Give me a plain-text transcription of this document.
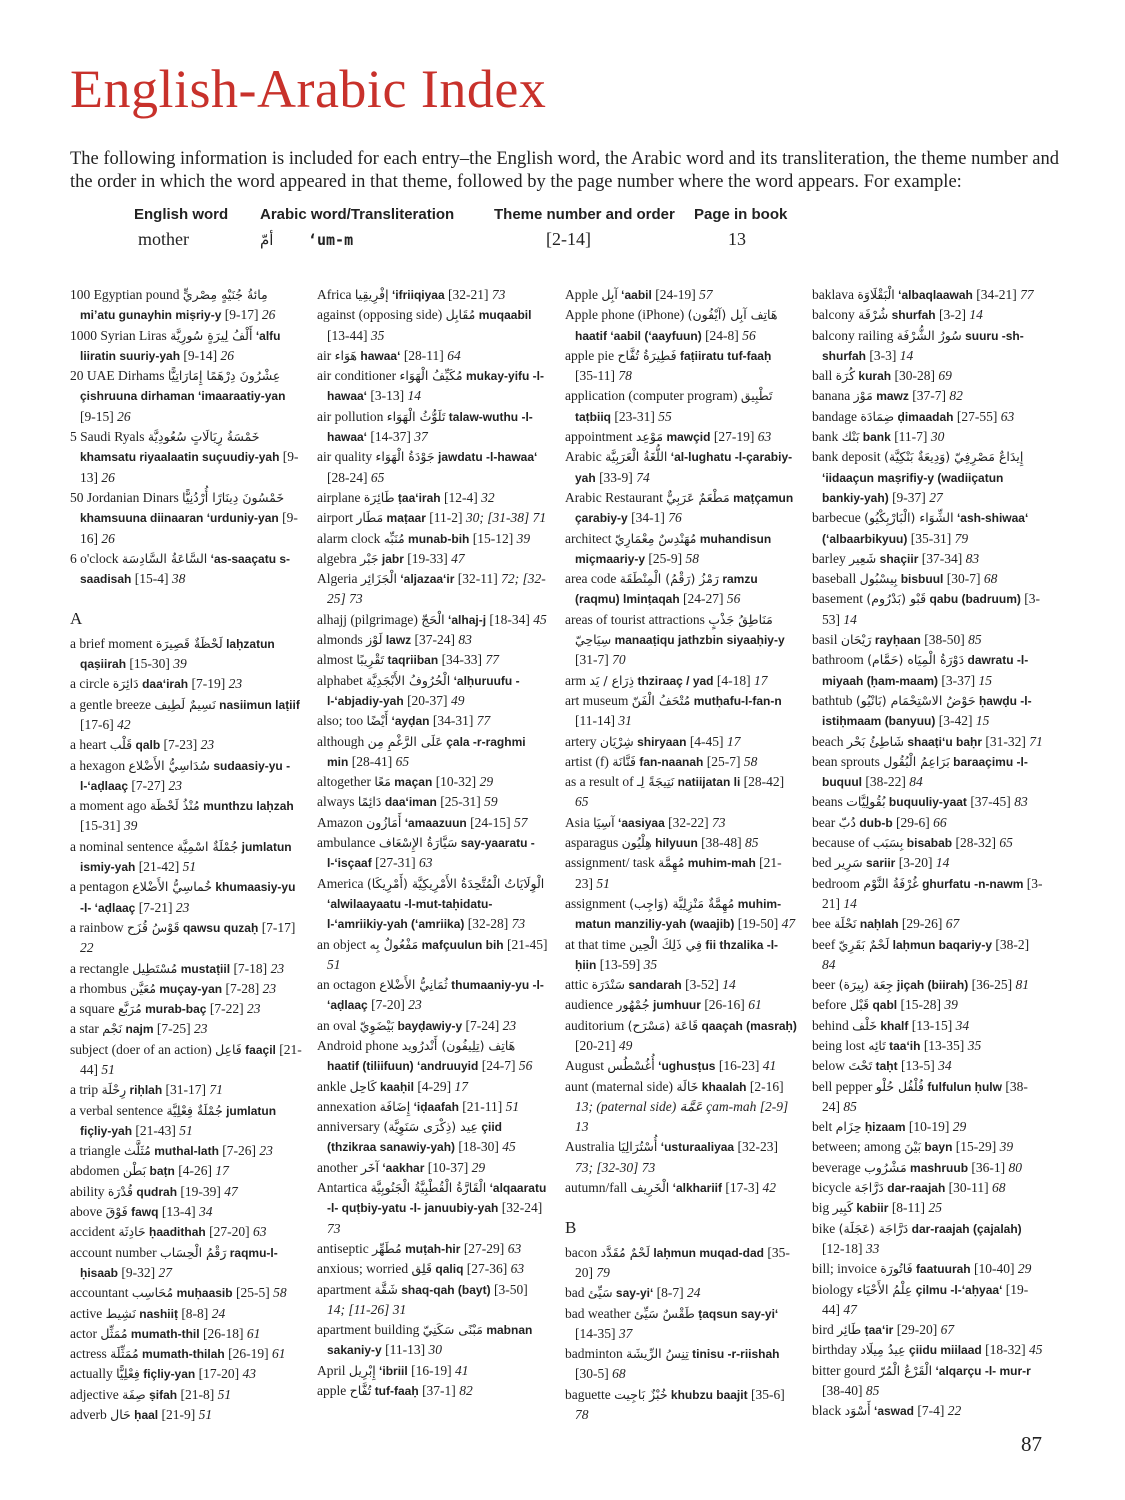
English-Arabic Index

The following information is included for each entry–the English word, the Arabic word and its transliteration, the theme number and the order in which the word appeared in that theme, followed by the page number where the word appears. For example:

English word
mother
Arabic word/Transliteration
أمّ ‘um-m
Theme number and order
[2-14]
Page in book
13
100 Egyptian pound مِائةُ جُنَيْهٍ مِصْريٍّ mi’atu gunayhin miṣriy-y [9-17] 26
1000 Syrian Liras أَلْفُ لِيرَةٍ سُورِيَّة ‘alfu liiratin suuriy-yah [9-14] 26
20 UAE Dirhams عِشْرُونَ دِرْهَمًا إِمَارَاتِيًّا çishruuna dirhaman ‘imaaraatiy-yan [9-15] 26
5 Saudi Ryals خَمْسَةُ رِيَالَاتٍ سُعُودِيَّة khamsatu riyaalaatin suçuudiy-yah [9-13] 26
50 Jordanian Dinars خَمْسُونَ دِينَارًا أُرْدُنِيًّا khamsuuna diinaaran ‘urduniy-yan [9-16] 26
6 o'clock السَّاعَةُ السَّادِسَة ‘as-saaçatu s-saadisah [15-4] 38
A
a brief moment لَحْظَةٌ قَصِيرَة laḥzatun qaṣiirah [15-30] 39
a circle دَائِرَة daa‘irah [7-19] 23
a gentle breeze نَسِيمٌ لَطِيف nasiimun laṭiif [17-6] 42
a heart قَلْب qalb [7-23] 23
a hexagon سُدَاسِيُّ الأَضْلاع sudaasiy-yu -l-‘aḍlaaç [7-27] 23
a moment ago مُنْذُ لَحْظَة munthzu laḥzah [15-31] 39
a nominal sentence جُمْلَةٌ اسْمِيَّة jumlatun ismiy-yah [21-42] 51
a pentagon خُماسِيُّ الأَضْلاع khumaasiy-yu -l- ‘aḍlaaç [7-21] 23
a rainbow قَوْسُ قُزَح qawsu quzaḥ [7-17] 22
a rectangle مُسْتَطِيل mustaṭiil [7-18] 23
a rhombus مُعَيَّن muçay-yan [7-28] 23
a square مُرَبَّع murab-baç [7-22] 23
a star نَجْم najm [7-25] 23
subject (doer of an action) فَاعِل faaçil [21-44] 51
a trip رِحْلَة riḥlah [31-17] 71
a verbal sentence جُمْلَةٌ فِعْلِيَّة jumlatun fiçliy-yah [21-43] 51
a triangle مُثَلَّث muthal-lath [7-26] 23
abdomen بَطْن baṭn [4-26] 17
ability قُدْرَة qudrah [19-39] 47
above فَوْقَ fawq [13-4] 34
accident حَادِثَة ḥaadithah [27-20] 63
account number رَقْمُ الْحِسَاب raqmu-l-ḥisaab [9-32] 27
accountant مُحَاسِب muḥaasib [25-5] 58
active نَشِيط nashiiṭ [8-8] 24
actor مُمَثِّل mumath-thil [26-18] 61
actress مُمَثِّلَة mumath-thilah [26-19] 61
actually فِعْلِيًّا fiçliy-yan [17-20] 43
adjective صِفَة ṣifah [21-8] 51
adverb حَال ḥaal [21-9] 51
Africa إفْرِيقِيا ‘ifriiqiyaa [32-21] 73
against (opposing side) مُقَابِل muqaabil [13-44] 35
air هَوَاء hawaa‘ [28-11] 64
air conditioner مُكَيِّفُ الْهَوَاء mukay-yifu -l-hawaa‘ [3-13] 14
air pollution تَلَوُّثُ الْهَوَاء talaw-wuthu -l-hawaa‘ [14-37] 37
air quality جَوْدَةُ الْهَوَاء jawdatu -l-hawaa‘ [28-24] 65
airplane طَائِرَة ṭaa‘irah [12-4] 32
airport مَطَار maṭaar [11-2] 30; [31-38] 71
alarm clock مُنَبِّه munab-bih [15-12] 39
algebra جَبْر jabr [19-33] 47
Algeria الْجَزَائِر ‘aljazaa‘ir [32-11] 72; [32-25] 73
alhajj (pilgrimage) الْحَجّ ‘alhaj-j [18-34] 45
almonds لَوْز lawz [37-24] 83
almost تَقْرِيبًا taqriiban [34-33] 77
alphabet الْحُرُوفُ الأَبْجَدِيَّة ‘alḥuruufu -l-‘abjadiy-yah [20-37] 49
also; too أَيْضًا ‘ayḍan [34-31] 77
although عَلَى الرَّغْمِ مِن çala -r-raghmi min [28-41] 65
altogether مَعًا maçan [10-32] 29
always دَائِمًا daa‘iman [25-31] 59
Amazon أَمَازُون ‘amaazuun [24-15] 57
ambulance سَيَّارَةُ الإِسْعَاف say-yaaratu -l-‘isçaaf [27-31] 63
America الْوِلَايَاتُ الْمُتَّحِدَةُ الأَمْرِيكِيَّة (أَمْرِيكَا) ‘alwilaayaatu -l-mut-taḥidatu-l-‘amriikiy-yah (‘amriika) [32-28] 73
an object مَفْعُولٌ بِه mafçuulun bih [21-45] 51
an octagon ثُمَانِيُّ الأَضْلاع thumaaniy-yu -l- ‘aḍlaaç [7-20] 23
an oval بَيْضَوِيّ bayḍawiy-y [7-24] 23
Android phone هَاتِف (تِلِيفُون) أَنْدرُويد haatif (tiliifuun) ‘andruuyid [24-7] 56
ankle كَاحِل kaaḥil [4-29] 17
annexation إِضَافَة ‘iḍaafah [21-11] 51
anniversary عِيد (ذِكْرَى سَنَوِيَّة) çiid (thzikraa sanawiy-yah) [18-30] 45
another آخَر ‘aakhar [10-37] 29
Antartica الْقَارَّةُ الْقُطْبِيَّةُ الْجَنُوبِيَّة ‘alqaaratu -l- quṭbiy-yatu -l- januubiy-yah [32-24] 73
antiseptic مُطَهِّر muṭah-hir [27-29] 63
anxious; worried قَلِق qaliq [27-36] 63
apartment شَقَّة shaq-qah (bayt) [3-50] 14; [11-26] 31
apartment building مَبْنًى سَكَنِيّ mabnan sakaniy-y [11-13] 30
April إِبْرِيل ‘ibriil [16-19] 41
apple تُفَّاح tuf-faaḥ [37-1] 82
Apple آبِل ‘aabil [24-19] 57
Apple phone (iPhone) هَاتِف آبِل (آيْفُون) haatif ‘aabil (‘aayfuun) [24-8] 56
apple pie فَطِيرَةُ تُفَّاح faṭiiratu tuf-faaḥ [35-11] 78
application (computer program) تَطْبِيق taṭbiiq [23-31] 55
appointment مَوْعِد mawçid [27-19] 63
Arabic اللُّغَةُ الْعَرَبِيَّة ‘al-lughatu -l-çarabiy-yah [33-9] 74
Arabic Restaurant مَطْعَمٌ عَرَبِيٌّ maṭçamun çarabiy-y [34-1] 76
architect مُهَنْدِسٌ مِعْمَارِيّ muhandisun miçmaariy-y [25-9] 58
area code رَمْزُ (رَقْمُ) الْمِنْطَقَة ramzu (raqmu) lminṭaqah [24-27] 56
areas of tourist attractions مَنَاطِقُ جَذْبٍ سِيَاحِيّ manaaṭiqu jathzbin siyaaḥiy-y [31-7] 70
arm ذِرَاع / يَد thziraaç / yad [4-18] 17
art museum مُتْحَفُ الْفَنّ mutḥafu-l-fan-n [11-14] 31
artery شِرْيَان shiryaan [4-45] 17
artist (f) فَنَّانَة fan-naanah [25-7] 58
as a result of نَتِيجَةً لِـ natiijatan li [28-42] 65
Asia آسِيَا ‘aasiyaa [32-22] 73
asparagus هِلْيُون hilyuun [38-48] 85
assignment/ task مُهِمَّة muhim-mah [21-23] 51
assignment مُهِمَّةٌ مَنْزِلِيَّة (وَاجِب) muhim-matun manziliy-yah (waajib) [19-50] 47
at that time فِي ذَلِكَ الْحِين fii thzalika -l- ḥiin [13-59] 35
attic سَنْدَرَة sandarah [3-52] 14
audience جُمْهُور jumhuur [26-16] 61
auditorium قَاعَة (مَسْرَح) qaaçah (masraḥ) [20-21] 49
August أُغُسْطُس ‘ughusṭus [16-23] 41
aunt (maternal side) خَالَة khaalah [2-16] 13; (paternal side) عَمَّة çam-mah [2-9] 13
Australia أُسْتُرَالِيَا ‘usturaaliyaa [32-23] 73; [32-30] 73
autumn/fall الْخَرِيف ‘alkhariif [17-3] 42
B
bacon لَحْمٌ مُقَدَّد laḥmun muqad-dad [35-20] 79
bad سَيِّئ say-yi‘ [8-7] 24
bad weather طَقْسٌ سَيِّئ ṭaqsun say-yi‘ [14-35] 37
badminton تِنِسُ الرِّيشَة tinisu -r-riishah [30-5] 68
baguette خُبْزٌ بَاجِيت khubzu baajit [35-6] 78
baklava الْبَقْلَاوَة ‘albaqlaawah [34-21] 77
balcony شُرْفَة shurfah [3-2] 14
balcony railing سُورُ الشُّرْفَة suuru -sh-shurfah [3-3] 14
ball كُرَة kurah [30-28] 69
banana مَوْز mawz [37-7] 82
bandage ضِمَادَة ḍimaadah [27-55] 63
bank بَنْك bank [11-7] 30
bank deposit إِيدَاعٌ مَصْرِفِيّ (وَدِيعَةٌ بَنْكِيَّة) ‘iidaaçun maṣrifiy-y (wadiiçatun bankiy-yah) [9-37] 27
barbecue الشِّوَاء (الْبَارْبِكْيُو) ‘ash-shiwaa‘ (‘albaarbikyuu) [35-31] 79
barley شَعِير shaçiir [37-34] 83
baseball بِيسْبُول bisbuul [30-7] 68
basement قَبْو (بَدْرُوم) qabu (badruum) [3-53] 14
basil رَيْحَان rayḥaan [38-50] 85
bathroom دَوْرَةُ الْمِيَاه (حَمَّام) dawratu -l-miyaah (ḥam-maam) [3-37] 15
bathtub حَوْضُ الاسْتِحْمَام (بَانْيُو) ḥawḍu -l-istiḥmaam (banyuu) [3-42] 15
beach شَاطِئُ بَحْر shaaṭi‘u baḥr [31-32] 71
bean sprouts بَرَاعِمُ الْبُقُول baraaçimu -l-buquul [38-22] 84
beans بُقُولِيَّات buquuliy-yaat [37-45] 83
bear دُبّ dub-b [29-6] 66
because of بِسَبَب bisabab [28-32] 65
bed سَرِير sariir [3-20] 14
bedroom غُرْفَةُ النَّوْم ghurfatu -n-nawm [3-21] 14
bee نَحْلَة naḥlah [29-26] 67
beef لَحْمٌ بَقَرِيّ laḥmun baqariy-y [38-2] 84
beer جِعَة (بِيرَة) jiçah (biirah) [36-25] 81
before قَبْل qabl [15-28] 39
behind خَلْف khalf [13-15] 34
being lost تَائِه taa‘ih [13-35] 35
below تَحْتَ taḥt [13-5] 34
bell pepper فُلْفُل حُلْو fulfulun ḥulw [38-24] 85
belt حِزَام ḥizaam [10-19] 29
between; among بَيْنَ bayn [15-29] 39
beverage مَشْرُوب mashruub [36-1] 80
bicycle دَرَّاجَة dar-raajah [30-11] 68
big كَبِير kabiir [8-11] 25
bike دَرَّاجَة (عَجَلَة) dar-raajah (çajalah) [12-18] 33
bill; invoice فَاتُورَة faatuurah [10-40] 29
biology عِلْمُ الأَحْيَاء çilmu -l-‘aḥyaa‘ [19-44] 47
bird طَائِر ṭaa‘ir [29-20] 67
birthday عِيدُ مِيلَاد çiidu miilaad [18-32] 45
bitter gourd الْقَرْعُ الْمُرّ ‘alqarçu -l- mur-r [38-40] 85
black أَسْوَد ‘aswad [7-4] 22
87
